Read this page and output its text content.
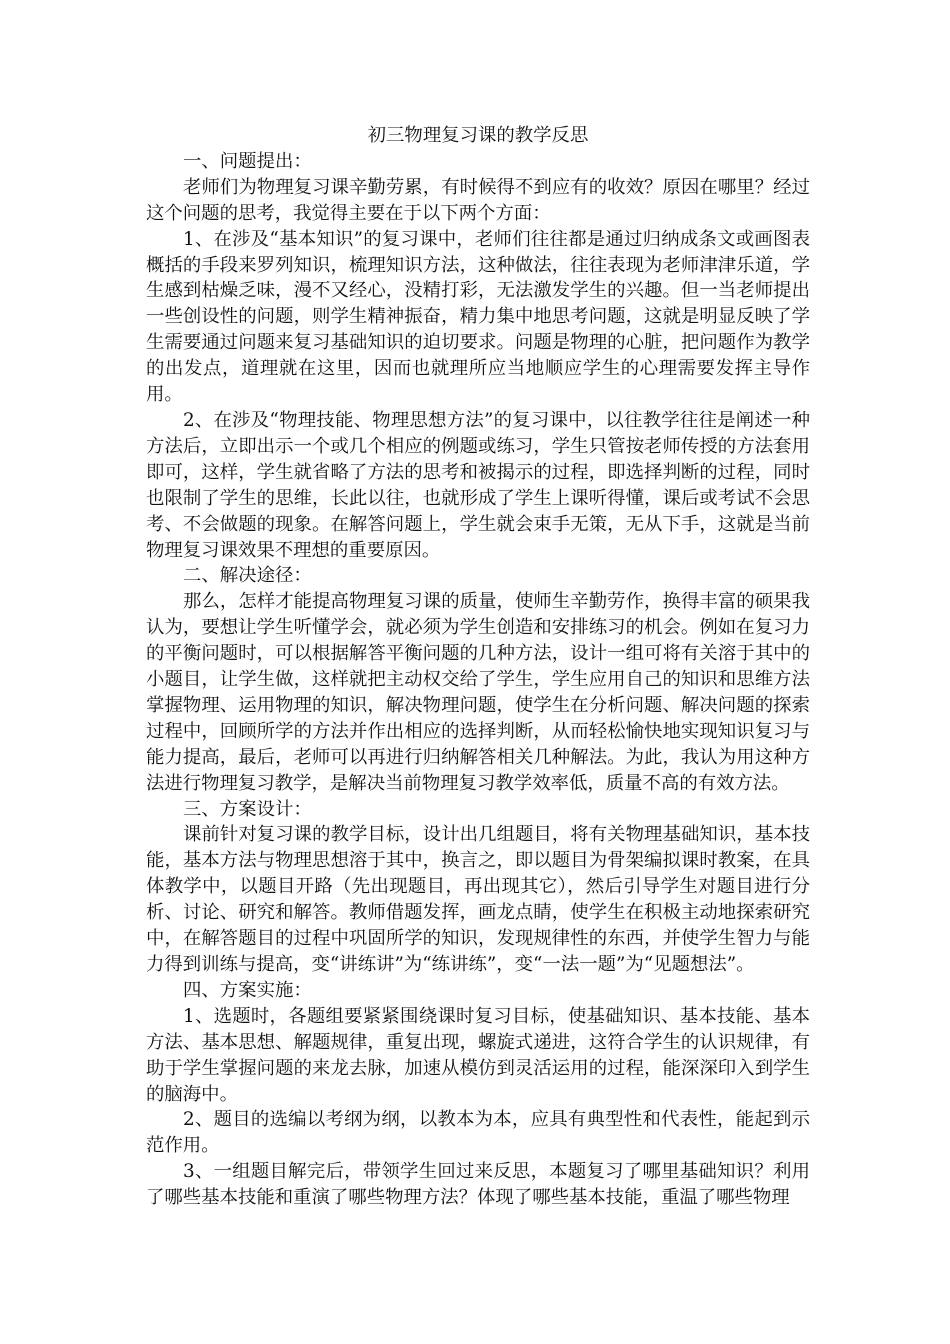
初三物理复习课的教学反思

一、问题提出：

老师们为物理复习课辛勤劳累，有时候得不到应有的收效？原因在哪里？经过这个问题的思考，我觉得主要在于以下两个方面：

1、在涉及“基本知识”的复习课中，老师们往往都是通过归纳成条文或画图表概括的手段来罗列知识，梳理知识方法，这种做法，往往表现为老师津津乐道，学生感到枯燥乏味，漫不又经心，没精打彩，无法激发学生的兴趣。但一当老师提出一些创设性的问题，则学生精神振奋，精力集中地思考问题，这就是明显反映了学生需要通过问题来复习基础知识的迫切要求。问题是物理的心脏，把问题作为教学的出发点，道理就在这里，因而也就理所应当地顺应学生的心理需要发挥主导作用。

2、在涉及“物理技能、物理思想方法”的复习课中，以往教学往往是阐述一种方法后，立即出示一个或几个相应的例题或练习，学生只管按老师传授的方法套用即可，这样，学生就省略了方法的思考和被揭示的过程，即选择判断的过程，同时也限制了学生的思维，长此以往，也就形成了学生上课听得懂，课后或考试不会思考、不会做题的现象。在解答问题上，学生就会束手无策，无从下手，这就是当前物理复习课效果不理想的重要原因。

二、解决途径：

那么，怎样才能提高物理复习课的质量，使师生辛勤劳作，换得丰富的硕果我认为，要想让学生听懂学会，就必须为学生创造和安排练习的机会。例如在复习力的平衡问题时，可以根据解答平衡问题的几种方法，设计一组可将有关溶于其中的小题目，让学生做，这样就把主动权交给了学生，学生应用自己的知识和思维方法掌握物理、运用物理的知识，解决物理问题，使学生在分析问题、解决问题的探索过程中，回顾所学的方法并作出相应的选择判断，从而轻松愉快地实现知识复习与能力提高，最后，老师可以再进行归纳解答相关几种解法。为此，我认为用这种方法进行物理复习教学，是解决当前物理复习教学效率低，质量不高的有效方法。

三、方案设计：

课前针对复习课的教学目标，设计出几组题目，将有关物理基础知识，基本技能，基本方法与物理思想溶于其中，换言之，即以题目为骨架编拟课时教案，在具体教学中，以题目开路（先出现题目，再出现其它），然后引导学生对题目进行分析、讨论、研究和解答。教师借题发挥，画龙点睛，使学生在积极主动地探索研究中，在解答题目的过程中巩固所学的知识，发现规律性的东西，并使学生智力与能力得到训练与提高，变“讲练讲”为“练讲练”，变“一法一题”为“见题想法”。

四、方案实施：

1、选题时，各题组要紧紧围绕课时复习目标，使基础知识、基本技能、基本方法、基本思想、解题规律，重复出现，螺旋式递进，这符合学生的认识规律，有助于学生掌握问题的来龙去脉，加速从模仿到灵活运用的过程，能深深印入到学生的脑海中。

2、题目的选编以考纲为纲，以教本为本，应具有典型性和代表性，能起到示范作用。

3、一组题目解完后，带领学生回过来反思，本题复习了哪里基础知识？利用了哪些基本技能和重演了哪些物理方法？体现了哪些基本技能，重温了哪些物理
